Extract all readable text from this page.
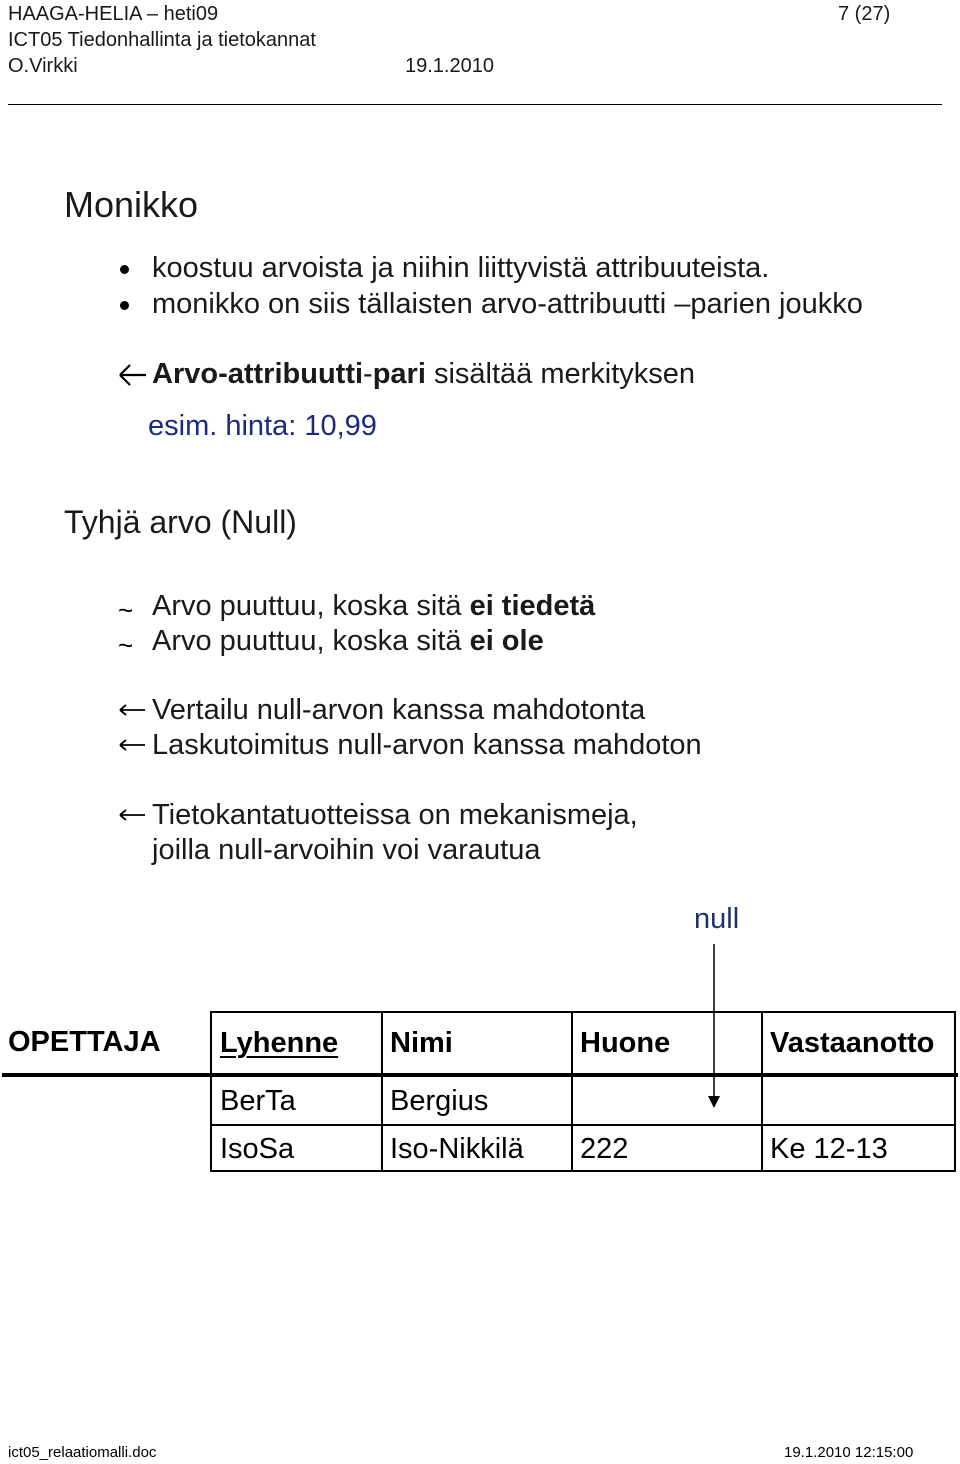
HAAGA-HELIA – heti09
ICT05 Tiedonhallinta ja tietokannat
O.Virkki	19.1.2010
7 (27)
Monikko
koostuu arvoista ja niihin liittyvistä attribuuteista.
monikko on siis tällaisten arvo-attribuutti –parien joukko
Arvo-attribuutti-pari sisältää merkityksen
esim. hinta: 10,99
Tyhjä arvo (Null)
~ Arvo puuttuu, koska sitä ei tiedetä
~ Arvo puuttuu, koska sitä ei ole
Vertailu null-arvon kanssa mahdotonta
Laskutoimitus null-arvon kanssa mahdoton
Tietokantatuotteissa on mekanismeja,
joilla null-arvoihin voi varautua
null
OPETTAJA Lyhenne	Nimi	Huone	Vastaanotto
BerTa	Bergius
IsoSa	Iso-Nikkilä	222	Ke 12-13
ict05_relaatiomalli.doc	19.1.2010 12:15:00
